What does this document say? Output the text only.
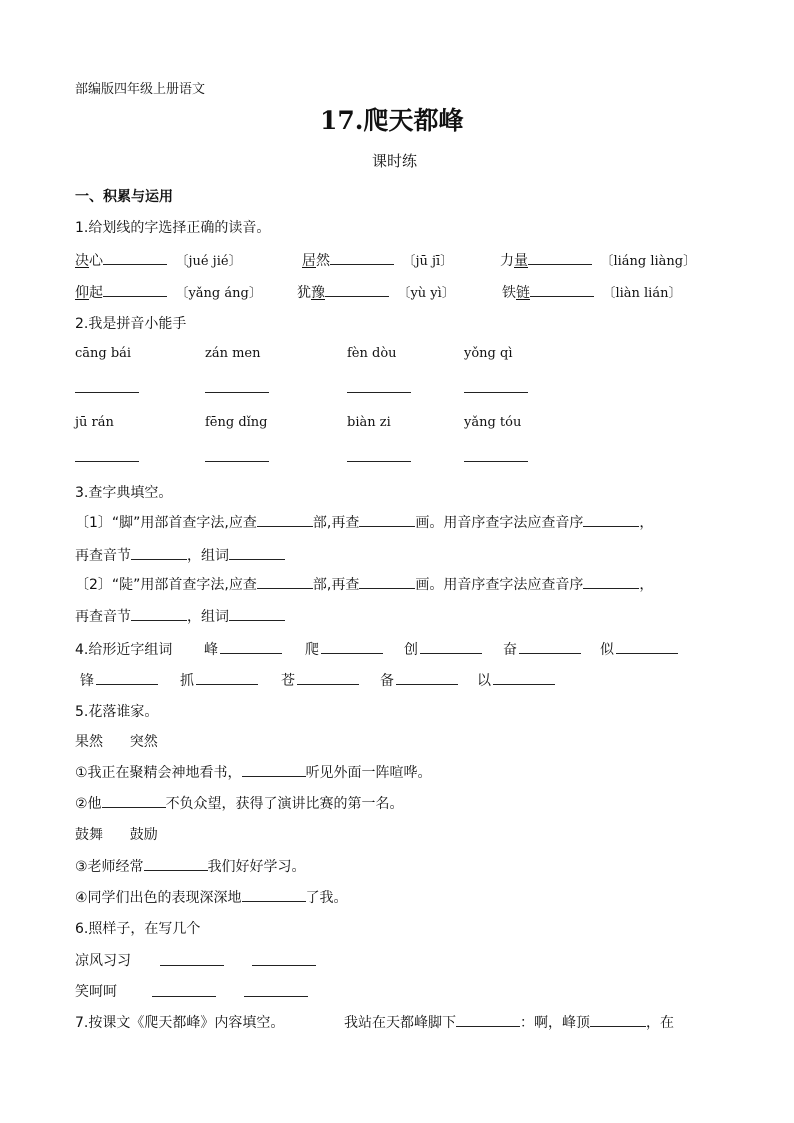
部编版四年级上册语文
17.爬天都峰
课时练
一、积累与运用
1.给划线的字选择正确的读音。
决心	〔jué jié〕	居然	〔jū jī〕	力量	〔liáng liàng〕
仰起	〔yǎng áng〕	犹豫	〔yù yì〕	铁链	〔liàn lián〕
2.我是拼音小能手
cāng bái	zán men	fèn dòu	yǒng qì
jū rán	fēng dǐng	biàn zi	yǎng tóu
3.查字典填空。
〔1〕“脚”用部首查字法,应查	部,再查	画。用音序查字法应查音序	，
再查音节	，组词
〔2〕“陡”用部首查字法,应查	部,再查	画。用音序查字法应查音序	，
再查音节	，组词
4.给形近字组词 峰	爬	创	奋	似
锋	抓	苍	备	以
5.花落谁家。
果然      突然
①我正在聚精会神地看书，	听见外面一阵喧哗。
②他	不负众望，获得了演讲比赛的第一名。
鼓舞      鼓励
③老师经常	我们好好学习。
④同学们出色的表现深深地	了我。
6.照样子，在写几个
凉风习习
笑呵呵
7.按课文《爬天都峰》内容填空。	我站在天都峰脚下	：啊，峰顶	，在
